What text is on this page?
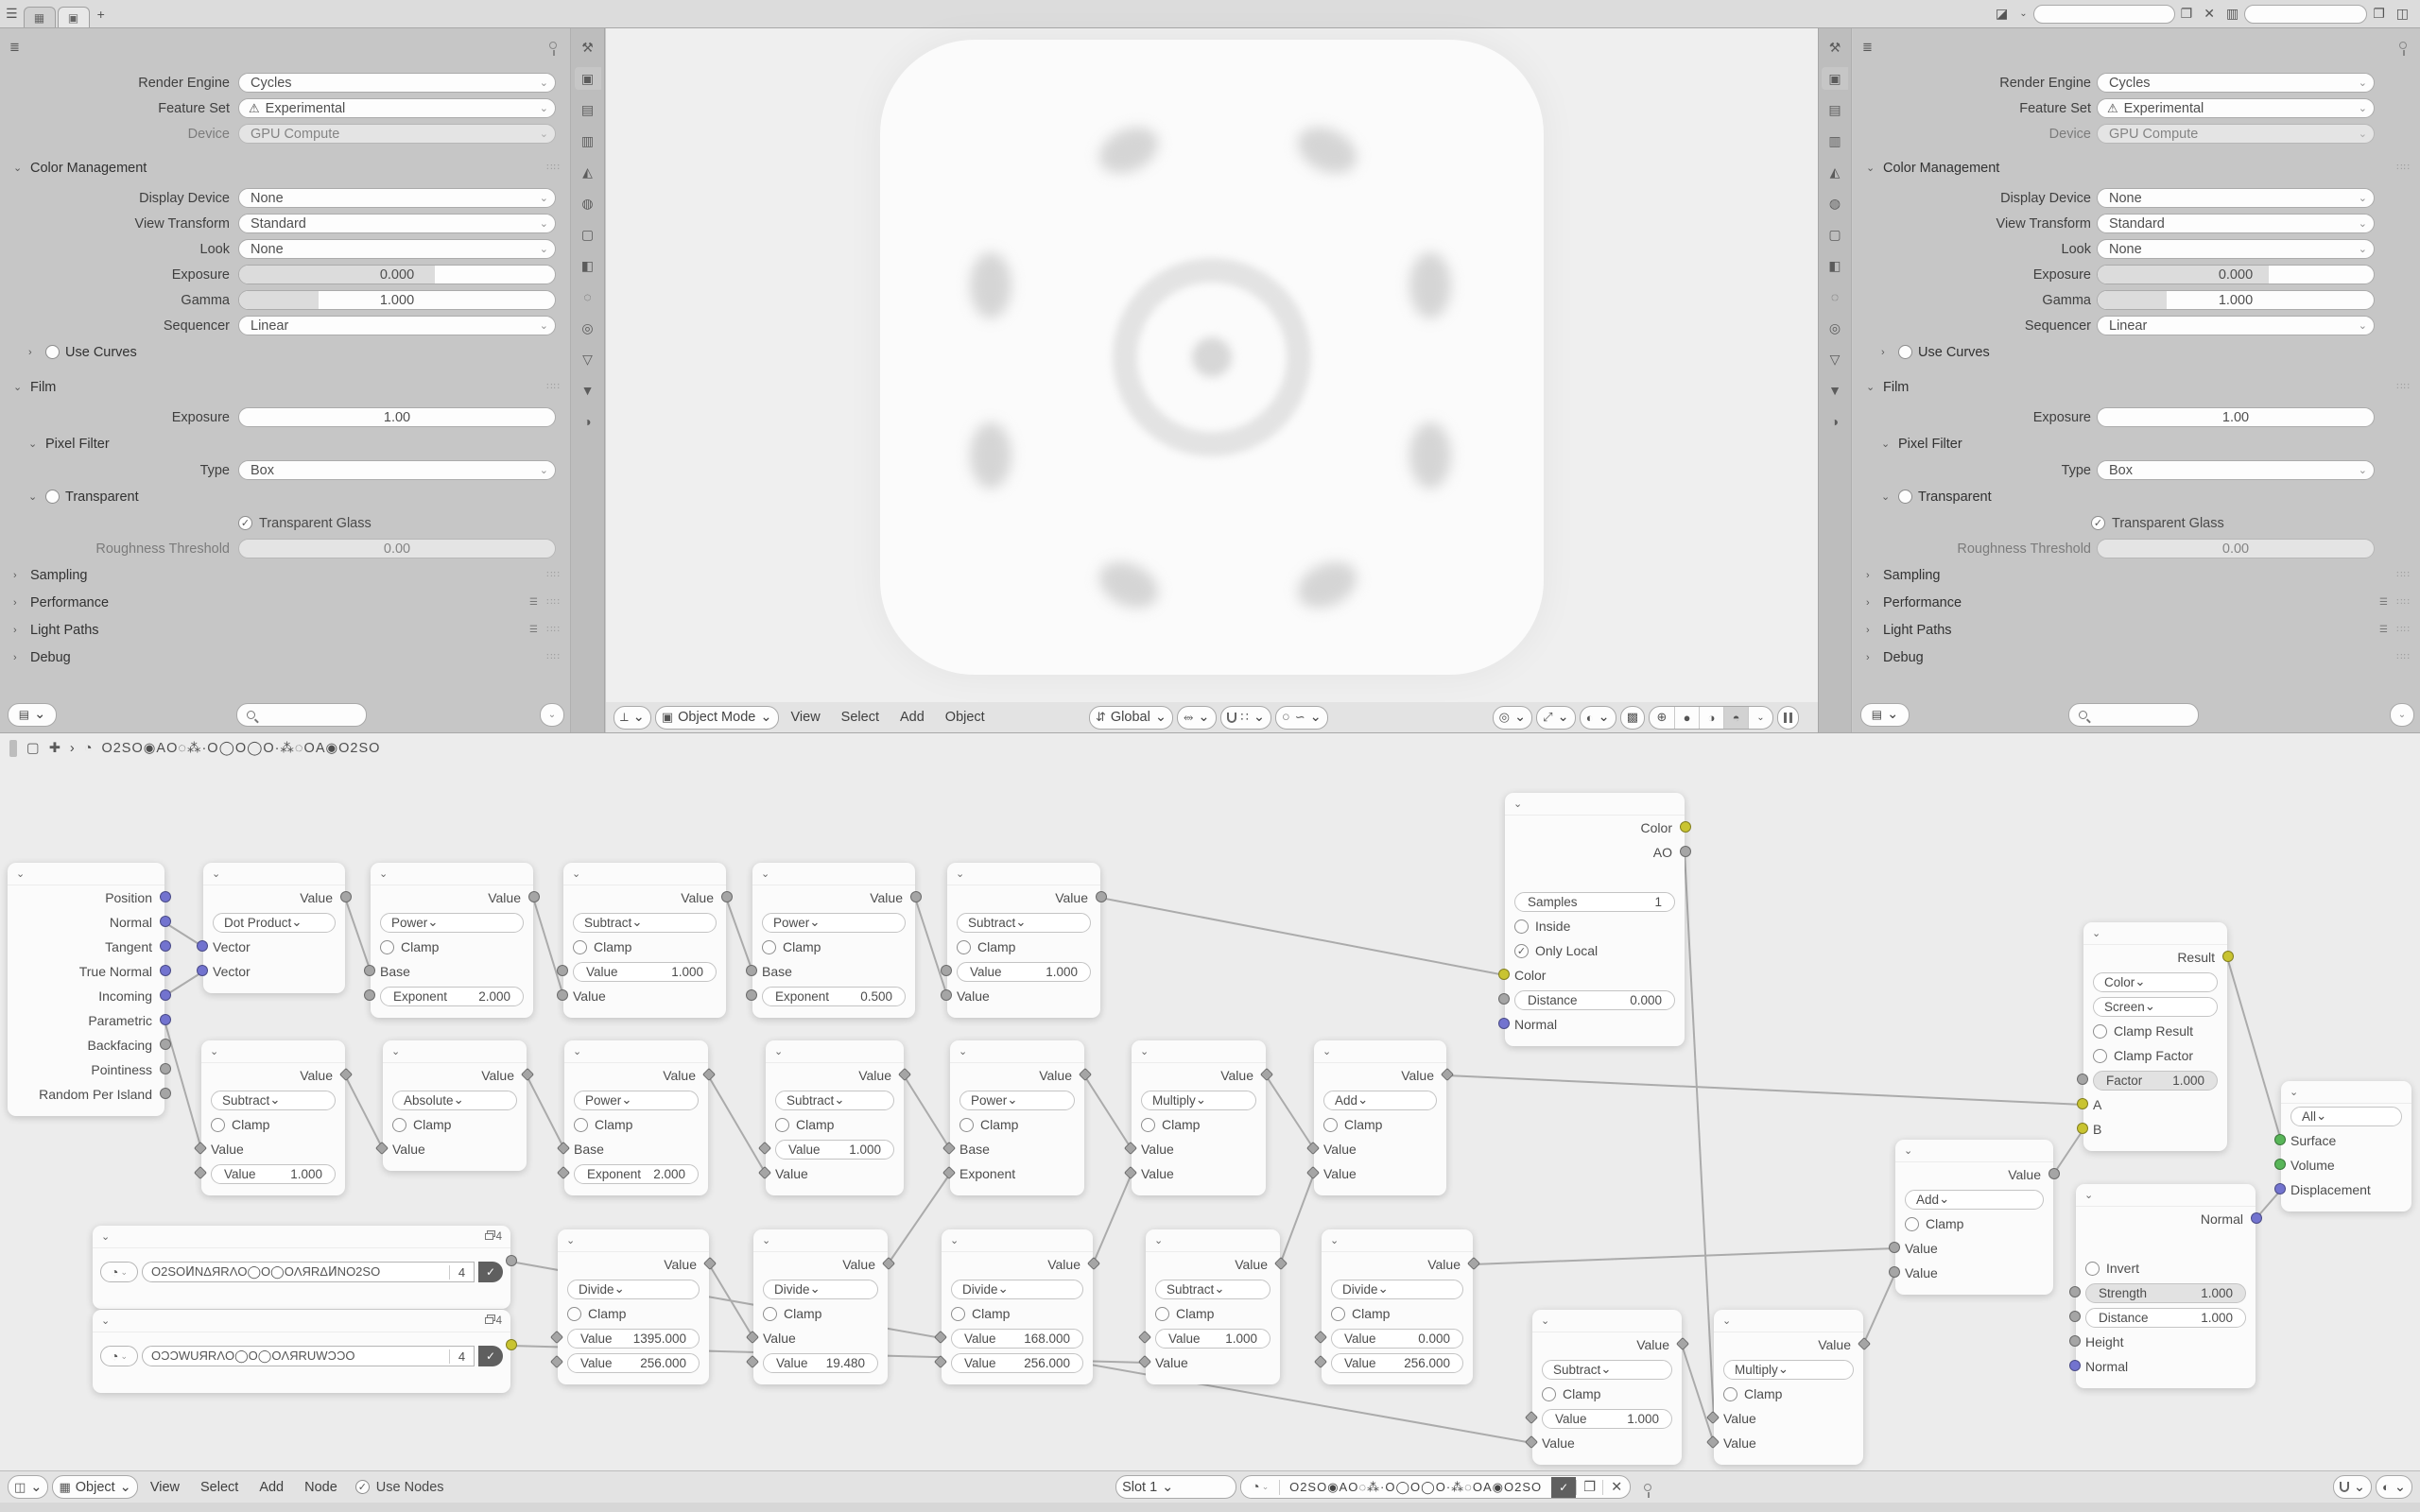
☰	▦	▣	+	◪ ⌄	❐ ✕ ▥	❐ ◫
Render Engine Cycles	⌄
Feature Set ⚠ Experimental	⌄
Device GPU Compute	⌄
⌄ Color Management	∷∷
Display Device None	⌄
View Transform Standard	⌄
Look None	⌄
Exposure	0.000
Gamma	1.000
Sequencer Linear	⌄
›	Use Curves
⌄ Film	∷∷
Exposure	1.00
⌄ Pixel Filter
Type Box	⌄
⌄ Transparent
✓ Transparent Glass
Roughness Threshold	0.00
› Sampling	∷∷
› Performance	☰ ∷∷
› Light Paths	☰ ∷∷
› Debug	∷∷
≣
▤ ⌄	⌄
⚒
▣
▤
▥
◭
◍
▢
◧
◌
◎
▽
▼
◑
Render Engine Cycles	⌄
Feature Set ⚠ Experimental	⌄
Device GPU Compute	⌄
⌄ Color Management	∷∷
Display Device None	⌄
View Transform Standard	⌄
Look None	⌄
Exposure	0.000
Gamma	1.000
Sequencer Linear	⌄
›	Use Curves
⌄ Film	∷∷
Exposure	1.00
⌄ Pixel Filter
Type Box	⌄
⌄ Transparent
✓ Transparent Glass
Roughness Threshold	0.00
› Sampling	∷∷
› Performance	☰ ∷∷
› Light Paths	☰ ∷∷
› Debug	∷∷
≣
▤ ⌄	⌄
⚒
▣
▤
▥
◭
◍
▢
◧
◌
◎
▽
▼
◑
⟂ ⌄ ▣ Object Mode ⌄	View	Select	Add	Object	⇵ Global ⌄ ⥈ ⌄	∷ ⌄ ○ ∽ ⌄	◎ ⌄ ⤢ ⌄ ◐ ⌄ ▩	⊕	●	◑	◓	⌄
▢ ✚ › ◔ O2SO◉AO◌⁂·O◯O◯O·⁂◌OA◉O2SO
⌄
Position
Normal
Tangent
True Normal
Incoming
Parametric
Backfacing
Pointiness
Random Per Island
⌄
Value
Dot Product ⌄
Vector
Vector
⌄
Value
Power ⌄
Clamp
Base
Exponent 2.000
⌄
Value
Subtract ⌄
Clamp
Value	1.000
Value
⌄
Value
Power ⌄
Clamp
Base
Exponent 0.500
⌄
Value
Subtract ⌄
Clamp
Value	1.000
Value
⌄
Value
Subtract ⌄
Clamp
Value
Value	1.000
⌄
Value
Absolute ⌄
Clamp
Value
⌄
Value
Power ⌄
Clamp
Base
Exponent 2.000
⌄
Value
Subtract ⌄
Clamp
Value 1.000
Value
⌄
Value
Power ⌄
Clamp
Base
Exponent
⌄
Value
Multiply ⌄
Clamp
Value
Value
⌄
Value
Add ⌄
Clamp
Value
Value
⌄	4
◔ ⌄	O2SOͶNΔЯRΛO◯O◯OΛЯRΔͶNO2SO	4	✓
⌄	4
◔ ⌄	OƆƆWUЯRΛO◯O◯OΛЯRUWƆƆO	4	✓
⌄
Value
Divide ⌄
Clamp
Value 1395.000
Value 256.000
⌄
Value
Divide ⌄
Clamp
Value
Value 19.480
⌄
Value
Divide ⌄
Clamp
Value 168.000
Value 256.000
⌄
Value
Subtract ⌄
Clamp
Value 1.000
Value
⌄
Value
Divide ⌄
Clamp
Value	0.000
Value 256.000
⌄
Value
Subtract ⌄
Clamp
Value	1.000
Value
⌄
Value
Multiply ⌄
Clamp
Value
Value
⌄
Color
AO
Samples	1
Inside
✓ Only Local
Color
Distance	0.000
Normal
⌄
Value
Add ⌄
Clamp
Value
Value
⌄
Result
Color ⌄
Screen ⌄
Clamp Result
Clamp Factor
Factor 1.000
A
B
⌄
All ⌄
Surface
Volume
Displacement
⌄
Normal
Invert
Strength	1.000
Distance	1.000
Height
Normal
◫ ⌄ ▦ Object ⌄	View	Select	Add	Node	✓ Use Nodes	Slot 1 ⌄	◔ ⌄	O2SO◉AO◌⁂·O◯O◯O·⁂◌OA◉O2SO	✓	❐	✕	⌄ ◐ ⌄
